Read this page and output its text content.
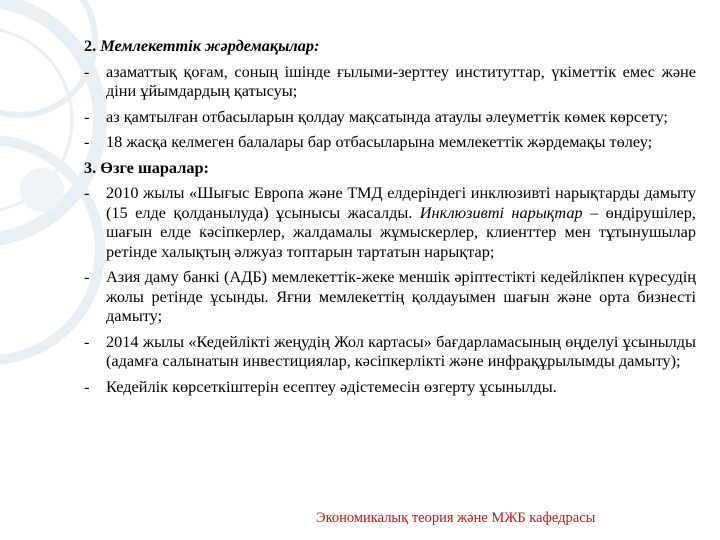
2. Мемлекеттік жәрдемақылар:
- азаматтық қоғам, соның ішінде ғылыми-зерттеу институттар, үкіметтік емес және діни ұйымдардың қатысуы;
- аз қамтылған отбасыларын қолдау мақсатында атаулы әлеуметтік көмек көрсету;
- 18 жасқа келмеген балалары бар отбасыларына мемлекеттік жәрдемақы төлеу;
3. Өзге шаралар:
- 2010 жылы «Шығыс Европа және ТМД елдеріндегі инклюзивті нарықтарды дамыту (15 елде қолданылуда) ұсынысы жасалды. Инклюзивті нарықтар – өндірушілер, шағын елде кәсіпкерлер, жалдамалы жұмыскерлер, клиенттер мен тұтынушылар ретінде халықтың әлжуаз топтарын тартатын нарықтар;
- Азия даму банкі (АДБ) мемлекеттік-жеке меншік әріптестікті кедейлікпен күресудің жолы ретінде ұсынды. Яғни мемлекеттің қолдауымен шағын және орта бизнесті дамыту;
- 2014 жылы «Кедейлікті жеңудің Жол картасы» бағдарламасының өңделуі ұсынылды (адамға салынатын инвестициялар, кәсіпкерлікті және инфрақұрылымды дамыту);
- Кедейлік көрсеткіштерін есептеу әдістемесін өзгерту ұсынылды.
Экономикалық теория және МЖБ кафедрасы
